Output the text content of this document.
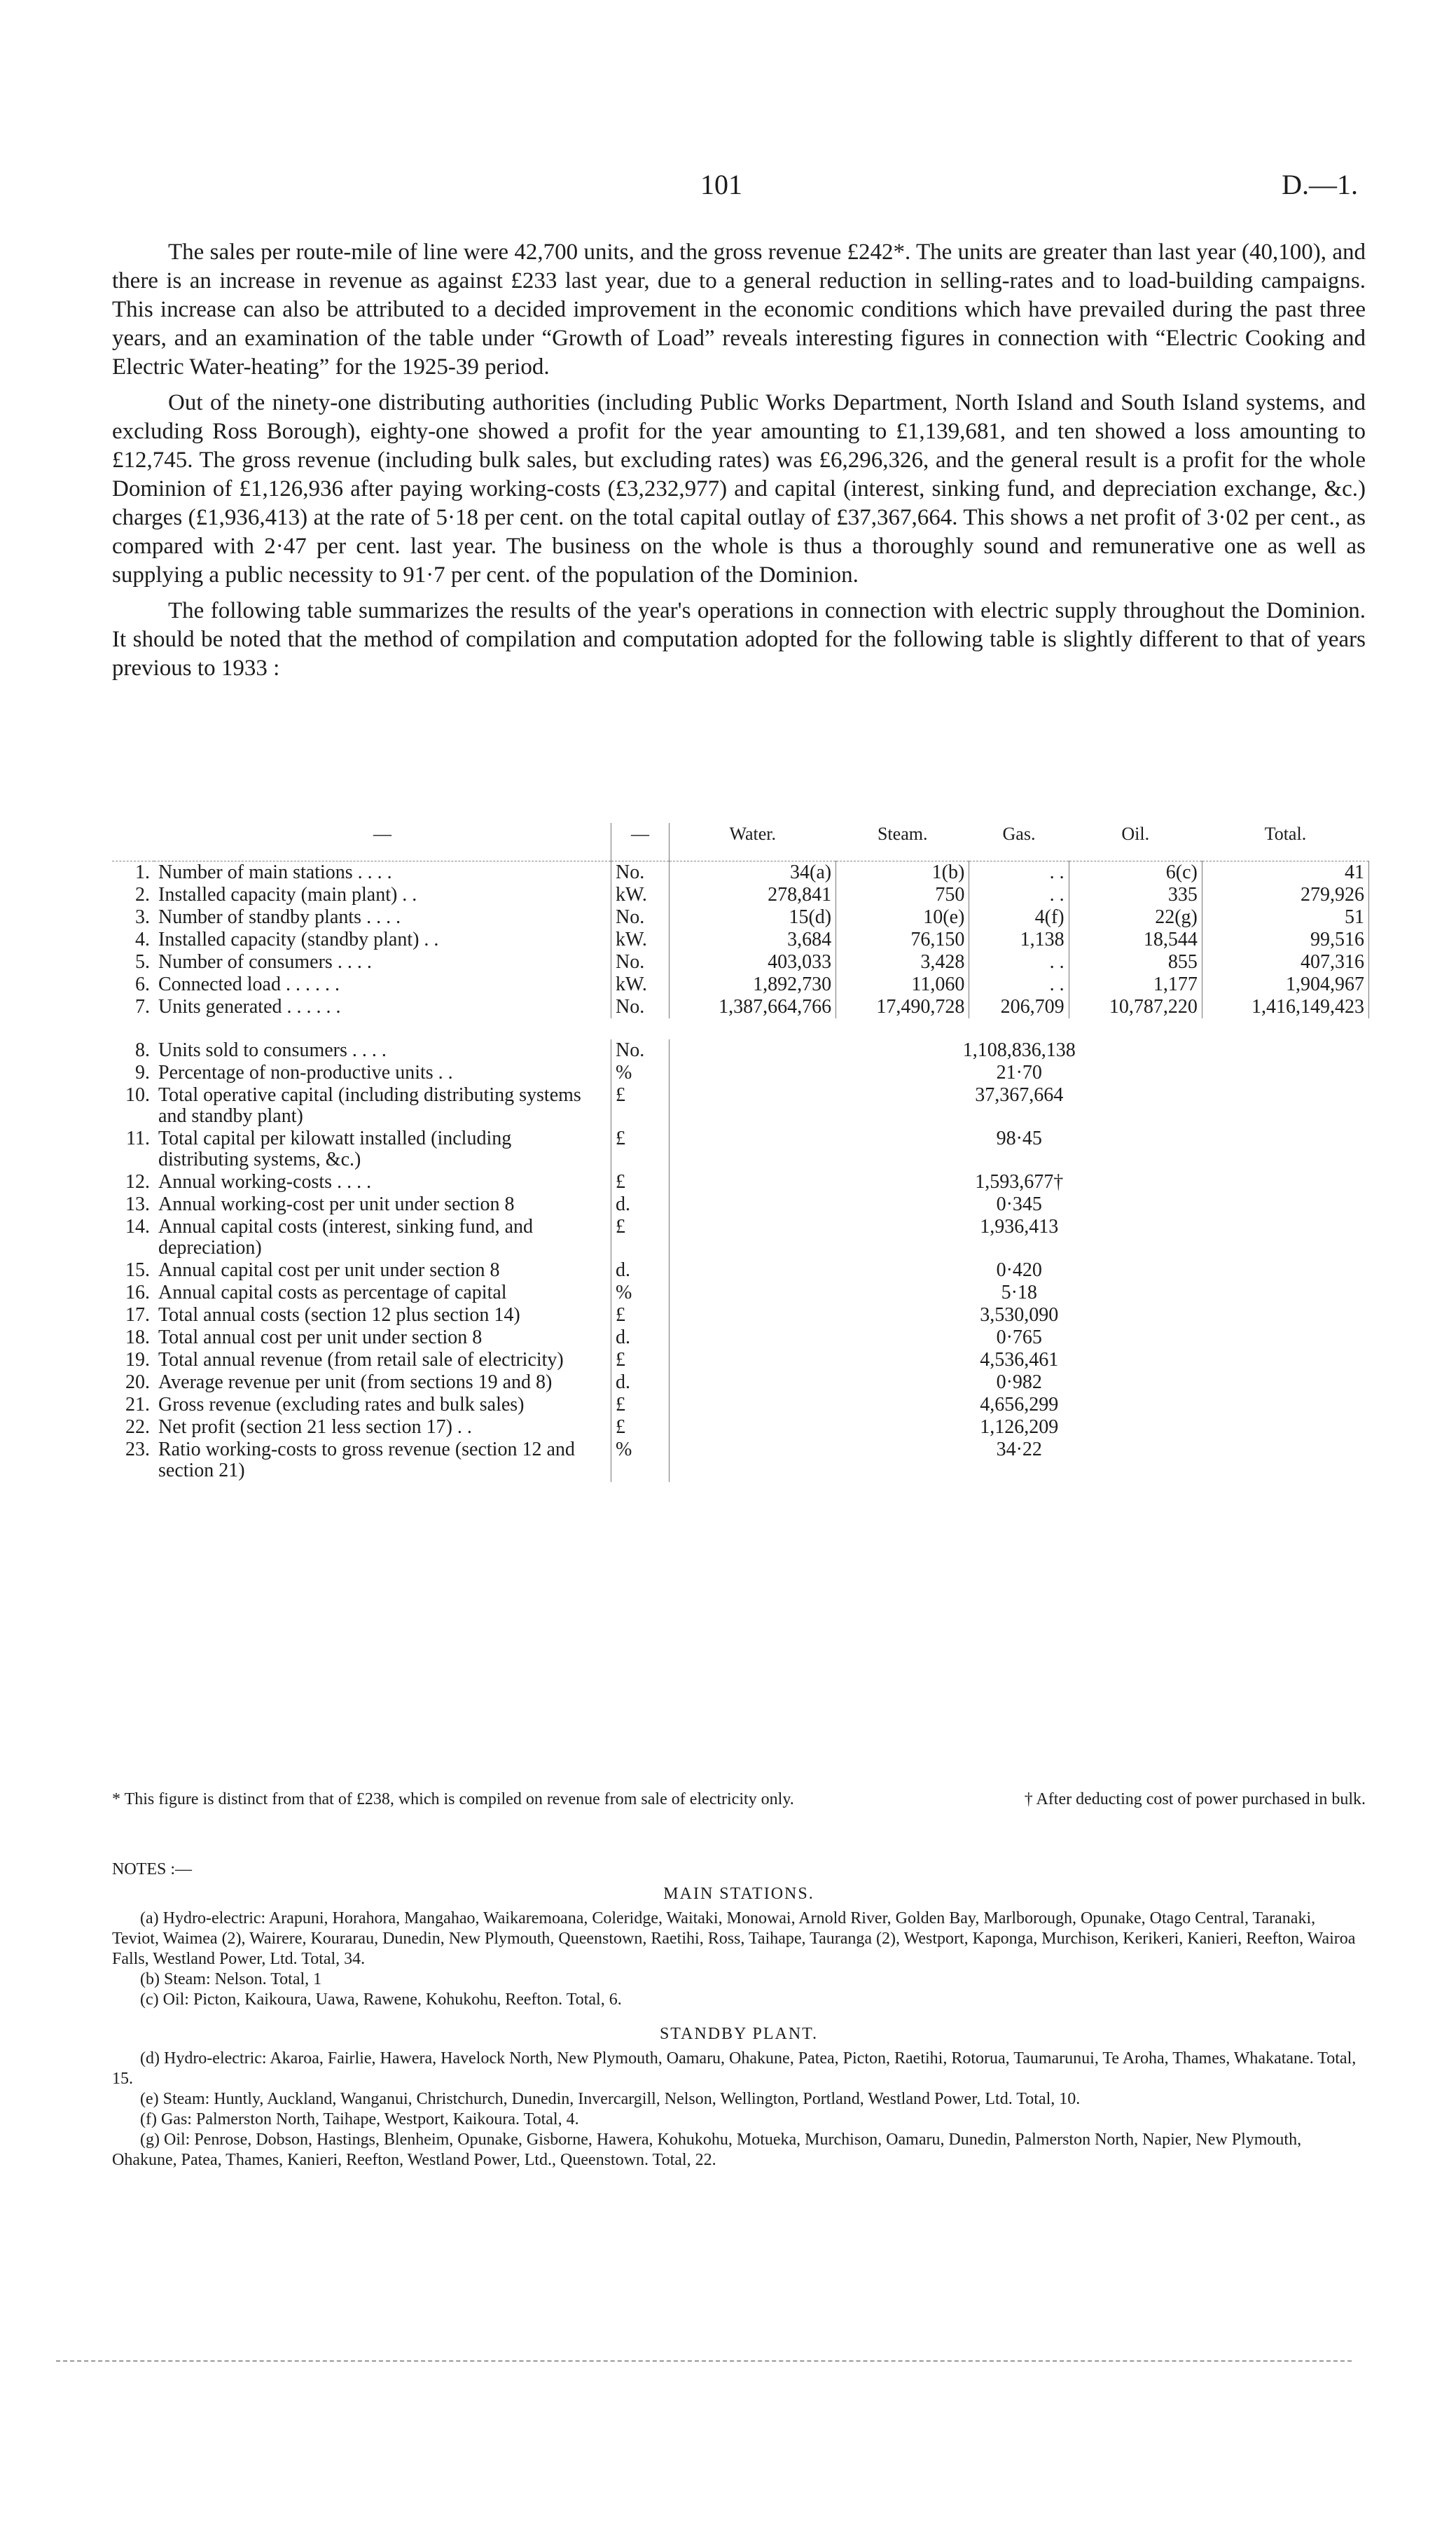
101	D.—1.

The sales per route-mile of line were 42,700 units, and the gross revenue £242*. The units are greater than last year (40,100), and there is an increase in revenue as against £233 last year, due to a general reduction in selling-rates and to load-building campaigns. This increase can also be attributed to a decided improvement in the economic conditions which have prevailed during the past three years, and an examination of the table under “Growth of Load” reveals interesting figures in connection with “Electric Cooking and Electric Water-heating” for the 1925-39 period.

Out of the ninety-one distributing authorities (including Public Works Department, North Island and South Island systems, and excluding Ross Borough), eighty-one showed a profit for the year amounting to £1,139,681, and ten showed a loss amounting to £12,745. The gross revenue (including bulk sales, but excluding rates) was £6,296,326, and the general result is a profit for the whole Dominion of £1,126,936 after paying working-costs (£3,232,977) and capital (interest, sinking fund, and depreciation exchange, &c.) charges (£1,936,413) at the rate of 5·18 per cent. on the total capital outlay of £37,367,664. This shows a net profit of 3·02 per cent., as compared with 2·47 per cent. last year. The business on the whole is thus a thoroughly sound and remunerative one as well as supplying a public necessity to 91·7 per cent. of the population of the Dominion.

The following table summarizes the results of the year's operations in connection with electric supply throughout the Dominion. It should be noted that the method of compilation and computation adopted for the following table is slightly different to that of years previous to 1933 :

	—	—	Water.	Steam.	Gas.	Oil.	Total.
1.	Number of main stations . . . .	No.	34(a)	1(b)	. .	6(c)	41
2.	Installed capacity (main plant) . .	kW.	278,841	750	. .	335	279,926
3.	Number of standby plants . . . .	No.	15(d)	10(e)	4(f)	22(g)	51
4.	Installed capacity (standby plant) . .	kW.	3,684	76,150	1,138	18,544	99,516
5.	Number of consumers . . . .	No.	403,033	3,428	. .	855	407,316
6.	Connected load . . . . . .	kW.	1,892,730	11,060	. .	1,177	1,904,967
7.	Units generated . . . . . .	No.	1,387,664,766	17,490,728	206,709	10,787,220	1,416,149,423

8.	Units sold to consumers . . . .	No.	1,108,836,138				
9.	Percentage of non-productive units . .	%	21·70				
10.	Total operative capital (including distributing systems and standby plant)	£	37,367,664				
11.	Total capital per kilowatt installed (including distributing systems, &c.)	£	98·45				
12.	Annual working-costs . . . .	£	1,593,677†				
13.	Annual working-cost per unit under section 8	d.	0·345				
14.	Annual capital costs (interest, sinking fund, and depreciation)	£	1,936,413				
15.	Annual capital cost per unit under section 8	d.	0·420				
16.	Annual capital costs as percentage of capital	%	5·18				
17.	Total annual costs (section 12 plus section 14)	£	3,530,090				
18.	Total annual cost per unit under section 8	d.	0·765				
19.	Total annual revenue (from retail sale of electricity)	£	4,536,461				
20.	Average revenue per unit (from sections 19 and 8)	d.	0·982				
21.	Gross revenue (excluding rates and bulk sales)	£	4,656,299				
22.	Net profit (section 21 less section 17) . .	£	1,126,209				
23.	Ratio working-costs to gross revenue (section 12 and section 21)	%	34·22				
* This figure is distinct from that of £238, which is compiled on revenue from sale of electricity only.	† After deducting cost of power purchased in bulk.
NOTES :—
MAIN STATIONS.

(a) Hydro-electric: Arapuni, Horahora, Mangahao, Waikaremoana, Coleridge, Waitaki, Monowai, Arnold River, Golden Bay, Marlborough, Opunake, Otago Central, Taranaki, Teviot, Waimea (2), Wairere, Kourarau, Dunedin, New Plymouth, Queenstown, Raetihi, Ross, Taihape, Tauranga (2), Westport, Kaponga, Murchison, Kerikeri, Kanieri, Reefton, Wairoa Falls, Westland Power, Ltd. Total, 34.

(b) Steam: Nelson. Total, 1

(c) Oil: Picton, Kaikoura, Uawa, Rawene, Kohukohu, Reefton. Total, 6.

STANDBY PLANT.

(d) Hydro-electric: Akaroa, Fairlie, Hawera, Havelock North, New Plymouth, Oamaru, Ohakune, Patea, Picton, Raetihi, Rotorua, Taumarunui, Te Aroha, Thames, Whakatane. Total, 15.

(e) Steam: Huntly, Auckland, Wanganui, Christchurch, Dunedin, Invercargill, Nelson, Wellington, Portland, Westland Power, Ltd. Total, 10.

(f) Gas: Palmerston North, Taihape, Westport, Kaikoura. Total, 4.

(g) Oil: Penrose, Dobson, Hastings, Blenheim, Opunake, Gisborne, Hawera, Kohukohu, Motueka, Murchison, Oamaru, Dunedin, Palmerston North, Napier, New Plymouth, Ohakune, Patea, Thames, Kanieri, Reefton, Westland Power, Ltd., Queenstown. Total, 22.
